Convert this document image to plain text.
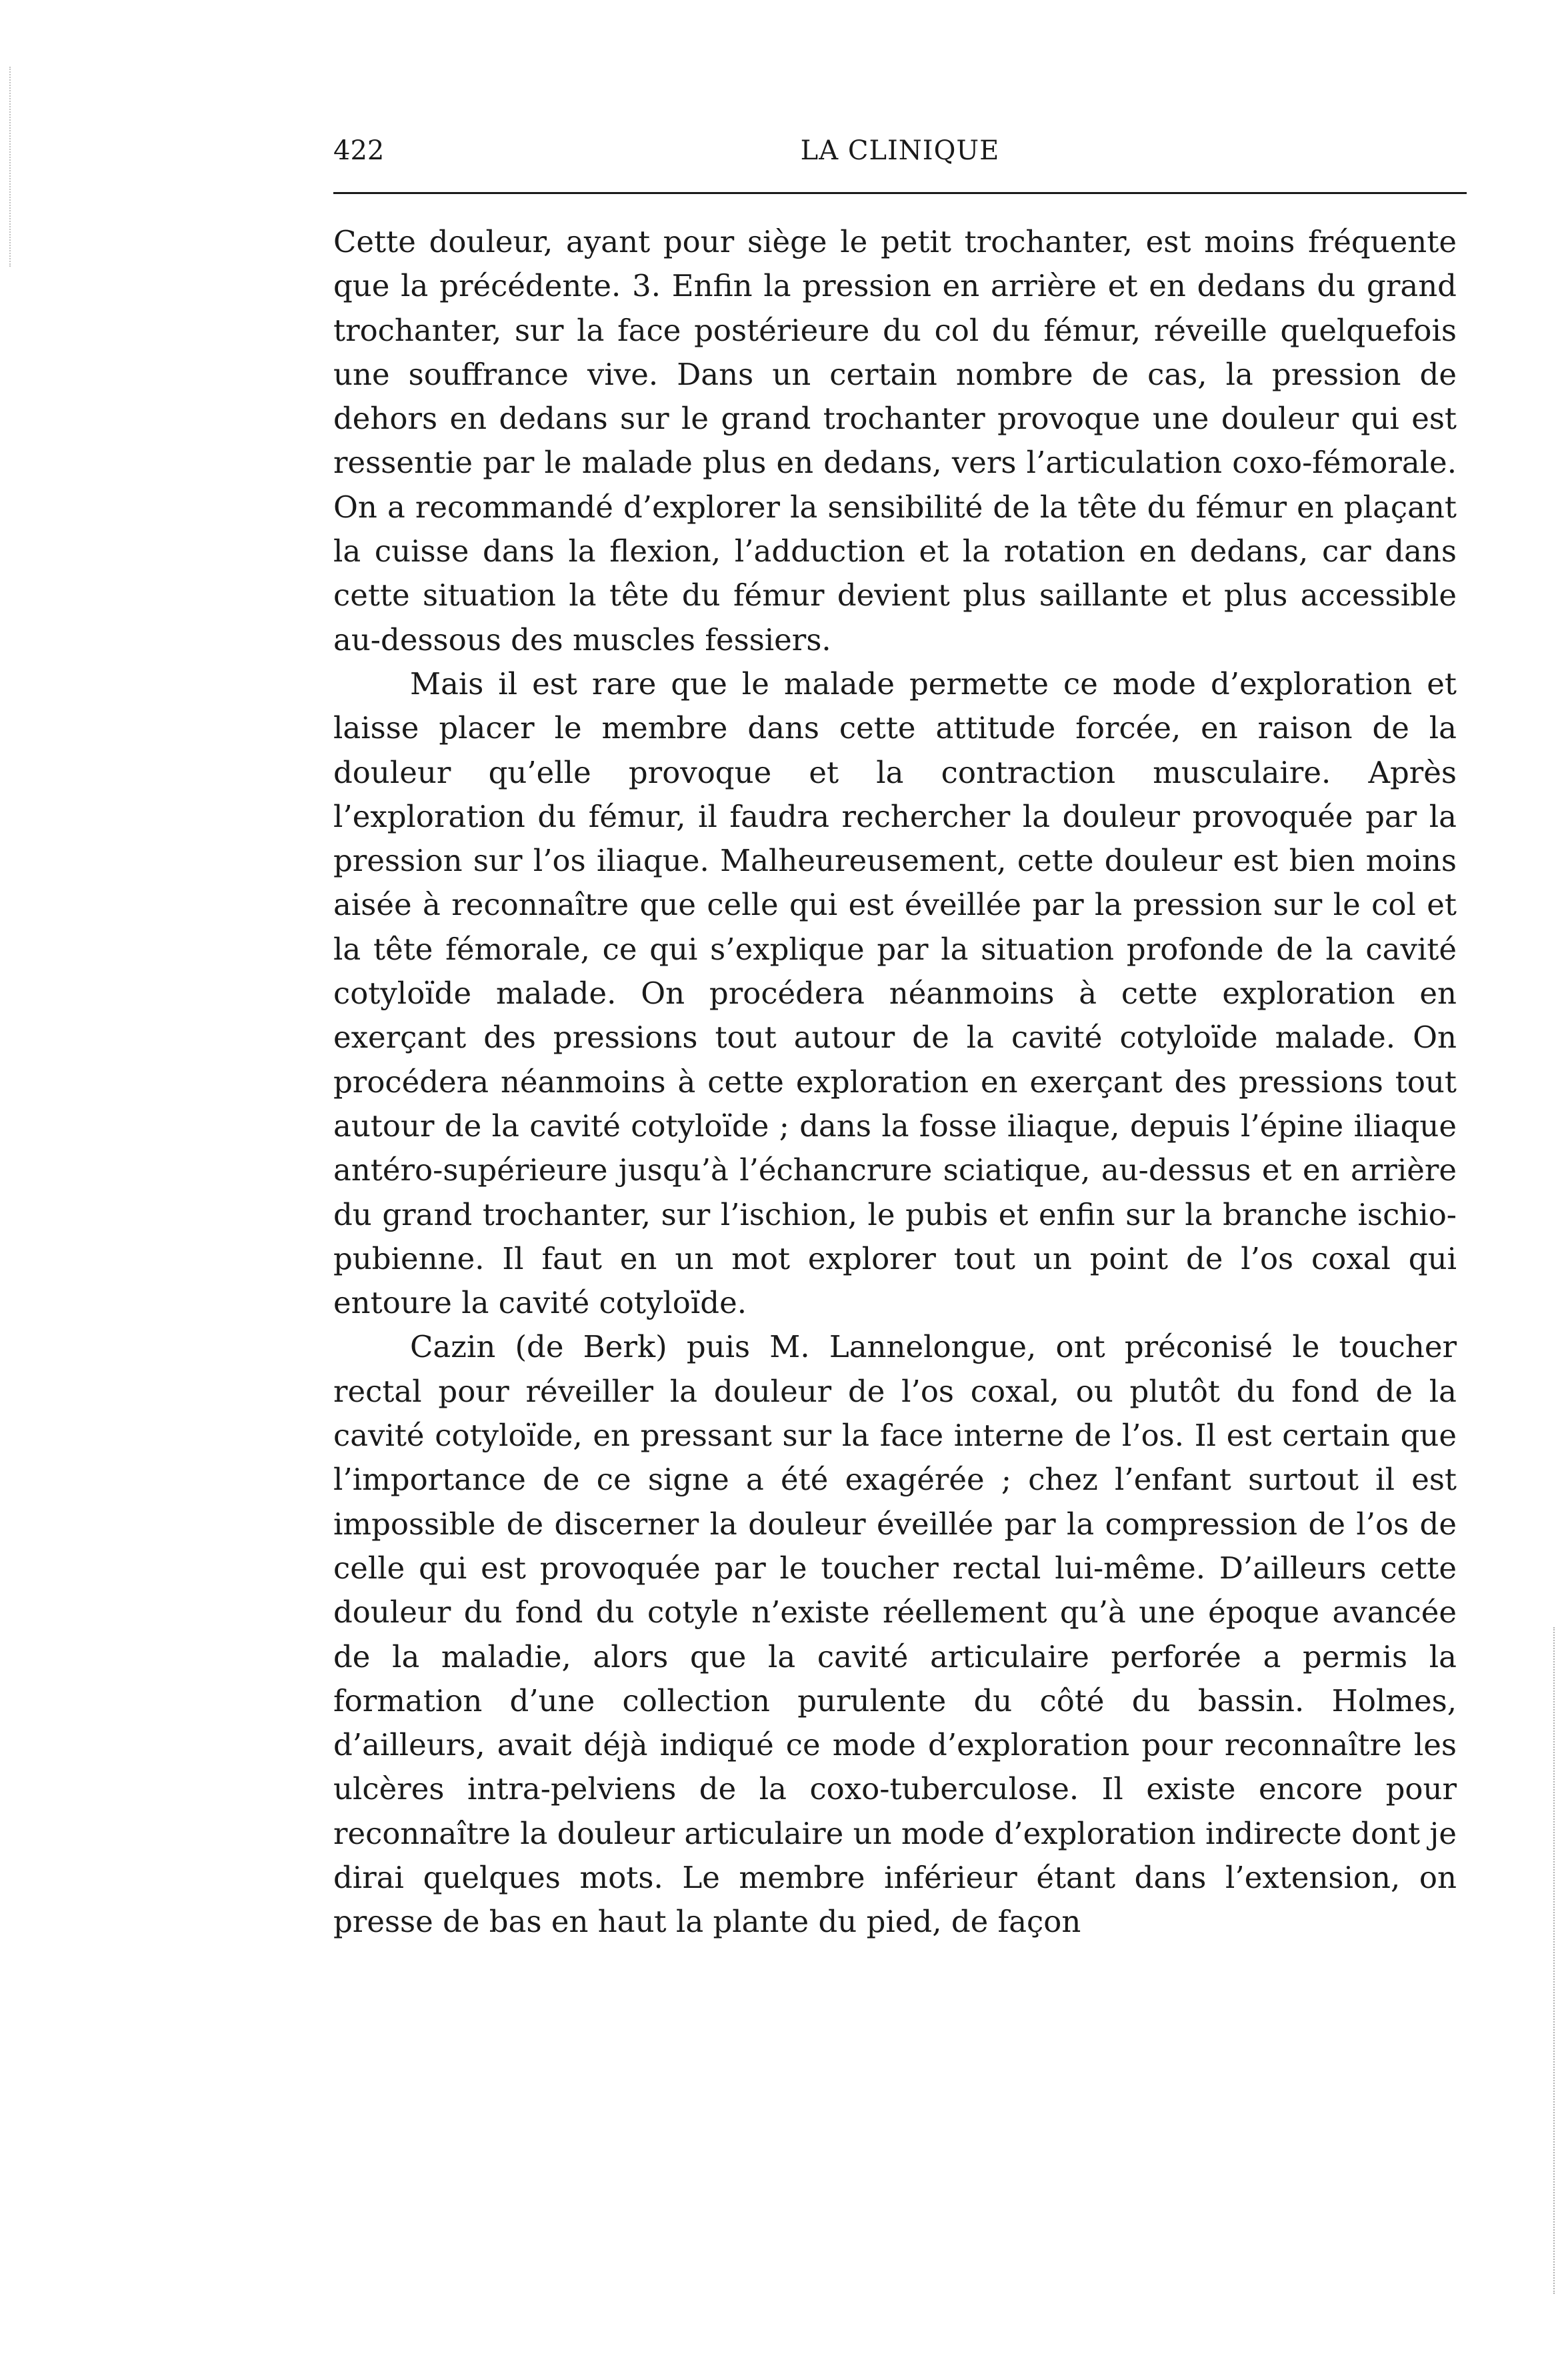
422	LA CLINIQUE

Cette douleur, ayant pour siège le petit trochanter, est moins fréquente que la précédente. 3. Enfin la pression en arrière et en dedans du grand trochanter, sur la face postérieure du col du fémur, réveille quelquefois une souffrance vive. Dans un certain nombre de cas, la pression de dehors en dedans sur le grand trochanter provoque une douleur qui est ressentie par le malade plus en dedans, vers l’articulation coxo-fémorale. On a recommandé d’explorer la sensibilité de la tête du fémur en plaçant la cuisse dans la flexion, l’adduction et la rotation en dedans, car dans cette situation la tête du fémur devient plus saillante et plus accessible au-dessous des muscles fessiers.

Mais il est rare que le malade permette ce mode d’exploration et laisse placer le membre dans cette attitude forcée, en raison de la douleur qu’elle provoque et la contraction musculaire. Après l’exploration du fémur, il faudra rechercher la douleur provoquée par la pression sur l’os iliaque. Malheureusement, cette douleur est bien moins aisée à reconnaître que celle qui est éveillée par la pression sur le col et la tête fémorale, ce qui s’explique par la situation profonde de la cavité cotyloïde malade. On procédera néanmoins à cette exploration en exerçant des pressions tout autour de la cavité cotyloïde malade. On procédera néanmoins à cette exploration en exerçant des pressions tout autour de la cavité cotyloïde ; dans la fosse iliaque, depuis l’épine iliaque antéro-supérieure jusqu’à l’échancrure sciatique, au-dessus et en arrière du grand trochanter, sur l’ischion, le pubis et enfin sur la branche ischio-pubienne. Il faut en un mot explorer tout un point de l’os coxal qui entoure la cavité cotyloïde.

Cazin (de Berk) puis M. Lannelongue, ont préconisé le toucher rectal pour réveiller la douleur de l’os coxal, ou plutôt du fond de la cavité cotyloïde, en pressant sur la face interne de l’os. Il est certain que l’importance de ce signe a été exagérée ; chez l’enfant surtout il est impossible de discerner la douleur éveillée par la compression de l’os de celle qui est provoquée par le toucher rectal lui-même. D’ailleurs cette douleur du fond du cotyle n’existe réellement qu’à une époque avancée de la maladie, alors que la cavité articulaire perforée a permis la formation d’une collection purulente du côté du bassin. Holmes, d’ailleurs, avait déjà indiqué ce mode d’exploration pour reconnaître les ulcères intra-pelviens de la coxo-tuberculose. Il existe encore pour reconnaître la douleur articulaire un mode d’exploration indirecte dont je dirai quelques mots. Le membre inférieur étant dans l’extension, on presse de bas en haut la plante du pied, de façon
